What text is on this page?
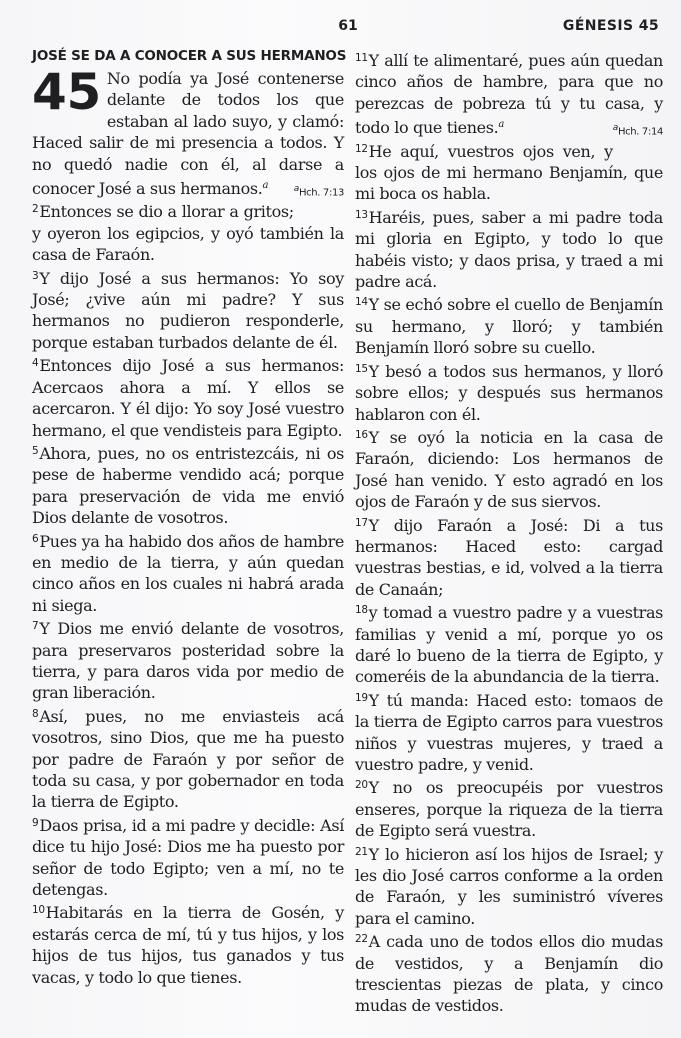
61	GÉNESIS 45
JOSÉ SE DA A CONOCER A SUS HERMANOS

45 No podía ya José contenerse delante de todos los que estaban al lado suyo, y clamó: Haced salir de mi presencia a todos. Y no quedó nadie con él, al darse a conocer José a sus hermanos.$^a$	$^a$Hch. 7:13

$^2$Entonces se dio a llorar a gritos; y oyeron los egipcios, y oyó también la casa de Faraón.

$^3$Y dijo José a sus hermanos: Yo soy José; ¿vive aún mi padre? Y sus hermanos no pudieron responderle, porque estaban turbados delante de él.

$^4$Entonces dijo José a sus hermanos: Acercaos ahora a mí. Y ellos se acercaron. Y él dijo: Yo soy José vuestro hermano, el que vendisteis para Egipto.

$^5$Ahora, pues, no os entristezcáis, ni os pese de haberme vendido acá; porque para preservación de vida me envió Dios delante de vosotros.

$^6$Pues ya ha habido dos años de hambre en medio de la tierra, y aún quedan cinco años en los cuales ni habrá arada ni siega.

$^7$Y Dios me envió delante de vosotros, para preservaros posteridad sobre la tierra, y para daros vida por medio de gran liberación.

$^8$Así, pues, no me enviasteis acá vosotros, sino Dios, que me ha puesto por padre de Faraón y por señor de toda su casa, y por gobernador en toda la tierra de Egipto.

$^9$Daos prisa, id a mi padre y decidle: Así dice tu hijo José: Dios me ha puesto por señor de todo Egipto; ven a mí, no te detengas.

$^{10}$Habitarás en la tierra de Gosén, y estarás cerca de mí, tú y tus hijos, y los hijos de tus hijos, tus ganados y tus vacas, y todo lo que tienes.

$^{11}$Y allí te alimentaré, pues aún quedan cinco años de hambre, para que no perezcas de pobreza tú y tu casa, y todo lo que tienes.$^a$	$^a$Hch. 7:14

$^{12}$He aquí, vuestros ojos ven, y los ojos de mi hermano Benjamín, que mi boca os habla.

$^{13}$Haréis, pues, saber a mi padre toda mi gloria en Egipto, y todo lo que habéis visto; y daos prisa, y traed a mi padre acá.

$^{14}$Y se echó sobre el cuello de Benjamín su hermano, y lloró; y también Benjamín lloró sobre su cuello.

$^{15}$Y besó a todos sus hermanos, y lloró sobre ellos; y después sus hermanos hablaron con él.

$^{16}$Y se oyó la noticia en la casa de Faraón, diciendo: Los hermanos de José han venido. Y esto agradó en los ojos de Faraón y de sus siervos.

$^{17}$Y dijo Faraón a José: Di a tus hermanos: Haced esto: cargad vuestras bestias, e id, volved a la tierra de Canaán;

$^{18}$y tomad a vuestro padre y a vuestras familias y venid a mí, porque yo os daré lo bueno de la tierra de Egipto, y comeréis de la abundancia de la tierra.

$^{19}$Y tú manda: Haced esto: tomaos de la tierra de Egipto carros para vuestros niños y vuestras mujeres, y traed a vuestro padre, y venid.

$^{20}$Y no os preocupéis por vuestros enseres, porque la riqueza de la tierra de Egipto será vuestra.

$^{21}$Y lo hicieron así los hijos de Israel; y les dio José carros conforme a la orden de Faraón, y les suministró víveres para el camino.

$^{22}$A cada uno de todos ellos dio mudas de vestidos, y a Benjamín dio trescientas piezas de plata, y cinco mudas de vestidos.
